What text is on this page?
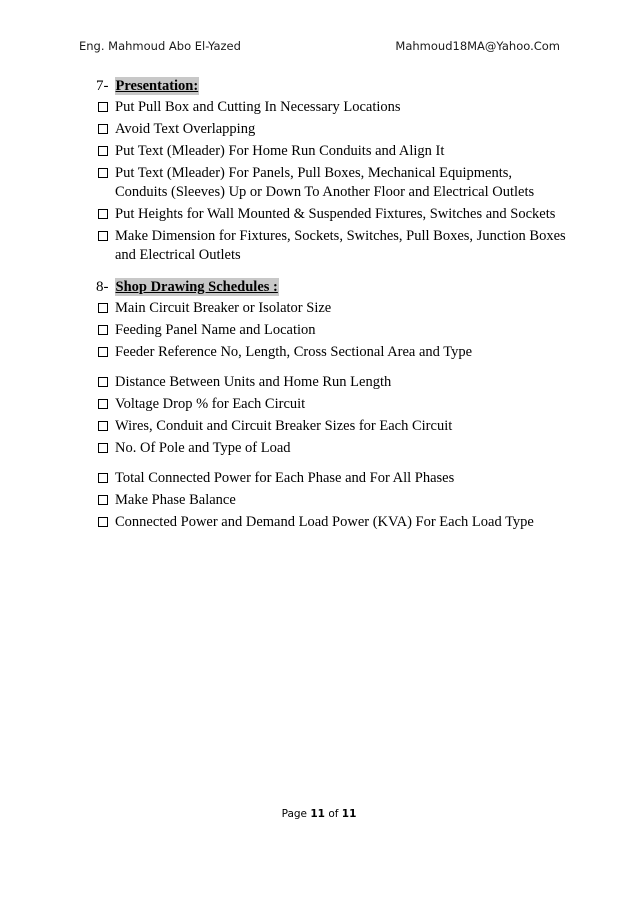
Eng. Mahmoud Abo El-Yazed	Mahmoud18MA@Yahoo.Com
7- Presentation:
Put Pull Box and Cutting In Necessary Locations
Avoid Text Overlapping
Put Text (Mleader) For Home Run Conduits and Align It
Put Text (Mleader) For Panels, Pull Boxes, Mechanical Equipments, Conduits (Sleeves) Up or Down To Another Floor and Electrical Outlets
Put Heights for Wall Mounted & Suspended Fixtures, Switches and Sockets
Make Dimension for Fixtures, Sockets, Switches, Pull Boxes, Junction Boxes and Electrical Outlets
8- Shop Drawing Schedules :
Main Circuit Breaker or Isolator Size
Feeding Panel Name and Location
Feeder Reference No, Length, Cross Sectional Area and Type
Distance Between Units and Home Run Length
Voltage Drop % for Each Circuit
Wires, Conduit and Circuit Breaker Sizes for Each Circuit
No. Of Pole and Type of Load
Total Connected Power for Each Phase and For All Phases
Make Phase Balance
Connected Power and Demand Load Power (KVA) For Each Load Type
Page 11 of 11
